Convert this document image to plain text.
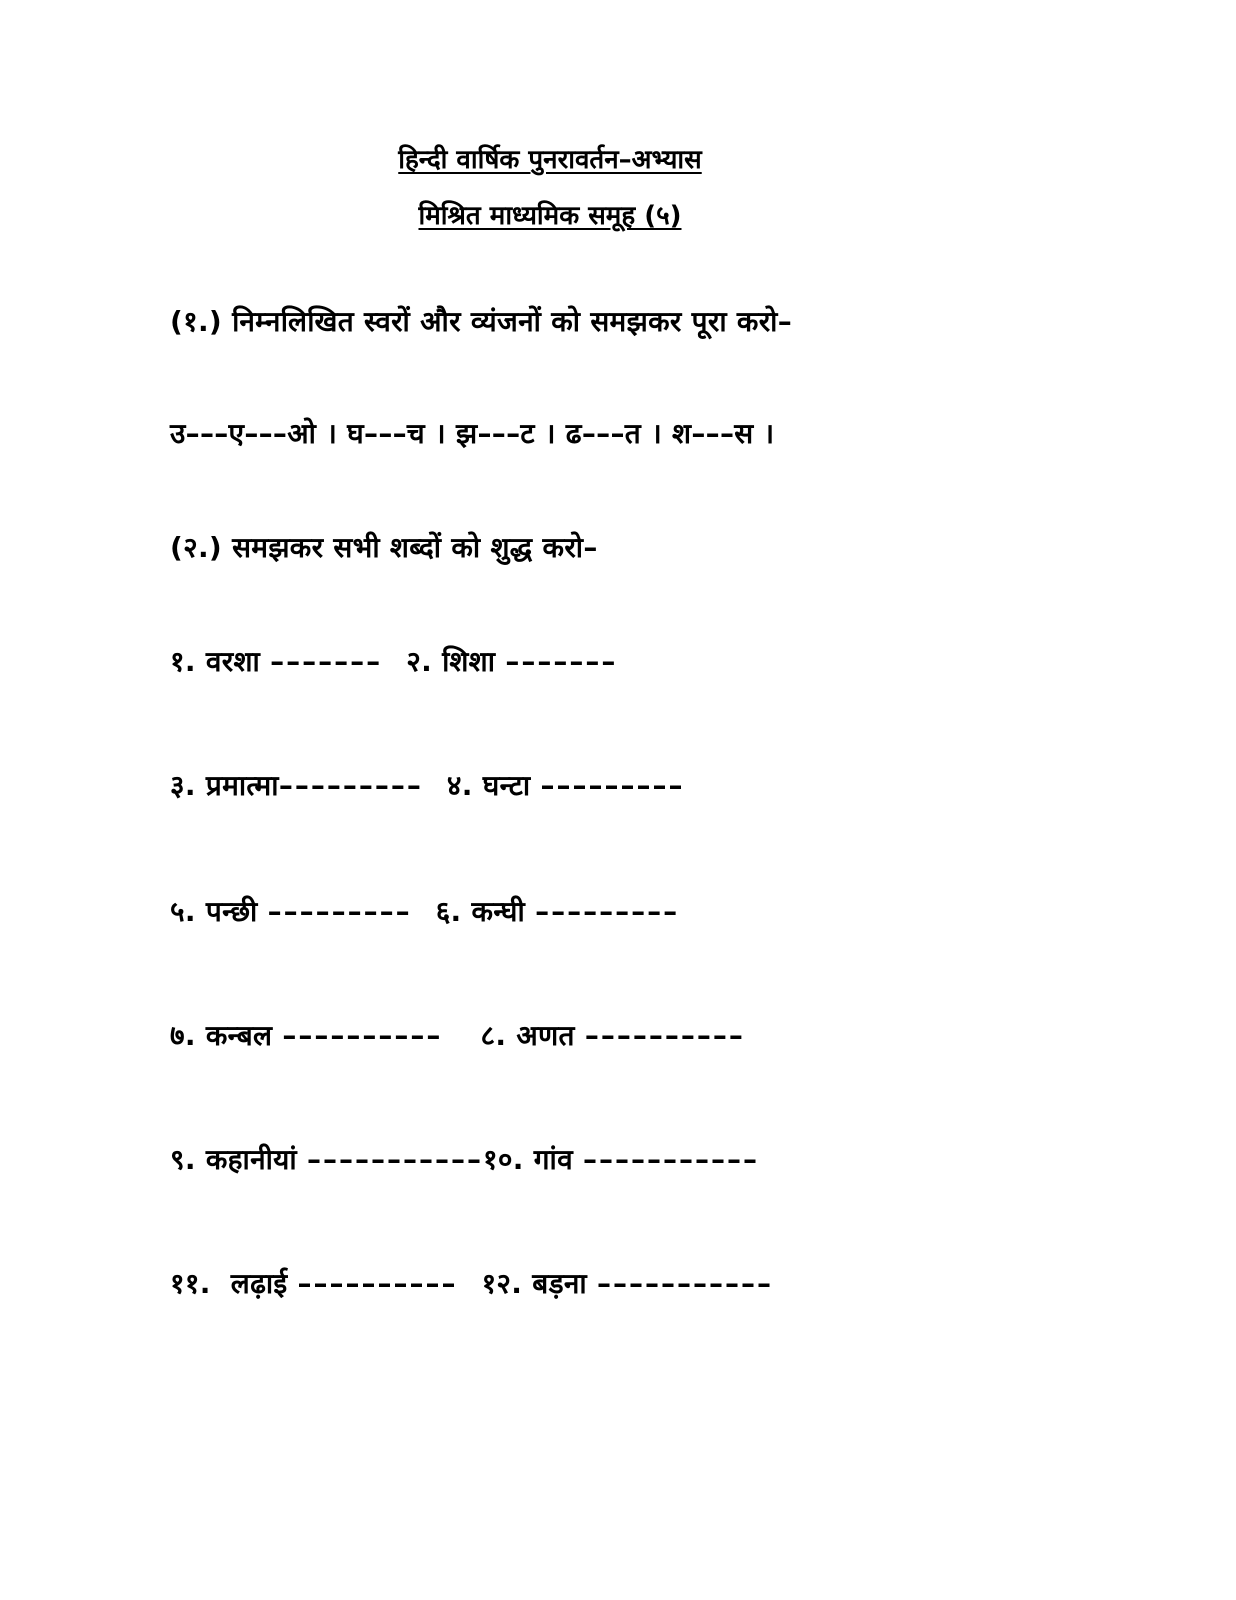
हिन्दी वार्षिक पुनरावर्तन–अभ्यास
मिश्रित माध्यमिक समूह (५)
(१.) निम्नलिखित स्वरों और व्यंजनों को समझकर पूरा करो–
उ–––ए–––ओ । घ–––च । झ–––ट । ढ–––त । श–––स ।
(२.) समझकर सभी शब्दों को शुद्ध करो–
१. वरशा ––––––– २. शिशा –––––––
३. प्रमात्मा––––––––– ४. घन्टा –––––––––
५. पन्छी ––––––––– ६. कन्घी –––––––––
७. कन्बल –––––––––– ८. अणत ––––––––––
९. कहानीयां –––––––––––१०. गांव –––––––––––
११. लढ़ाई –––––––––– १२. बड़ना –––––––––––
